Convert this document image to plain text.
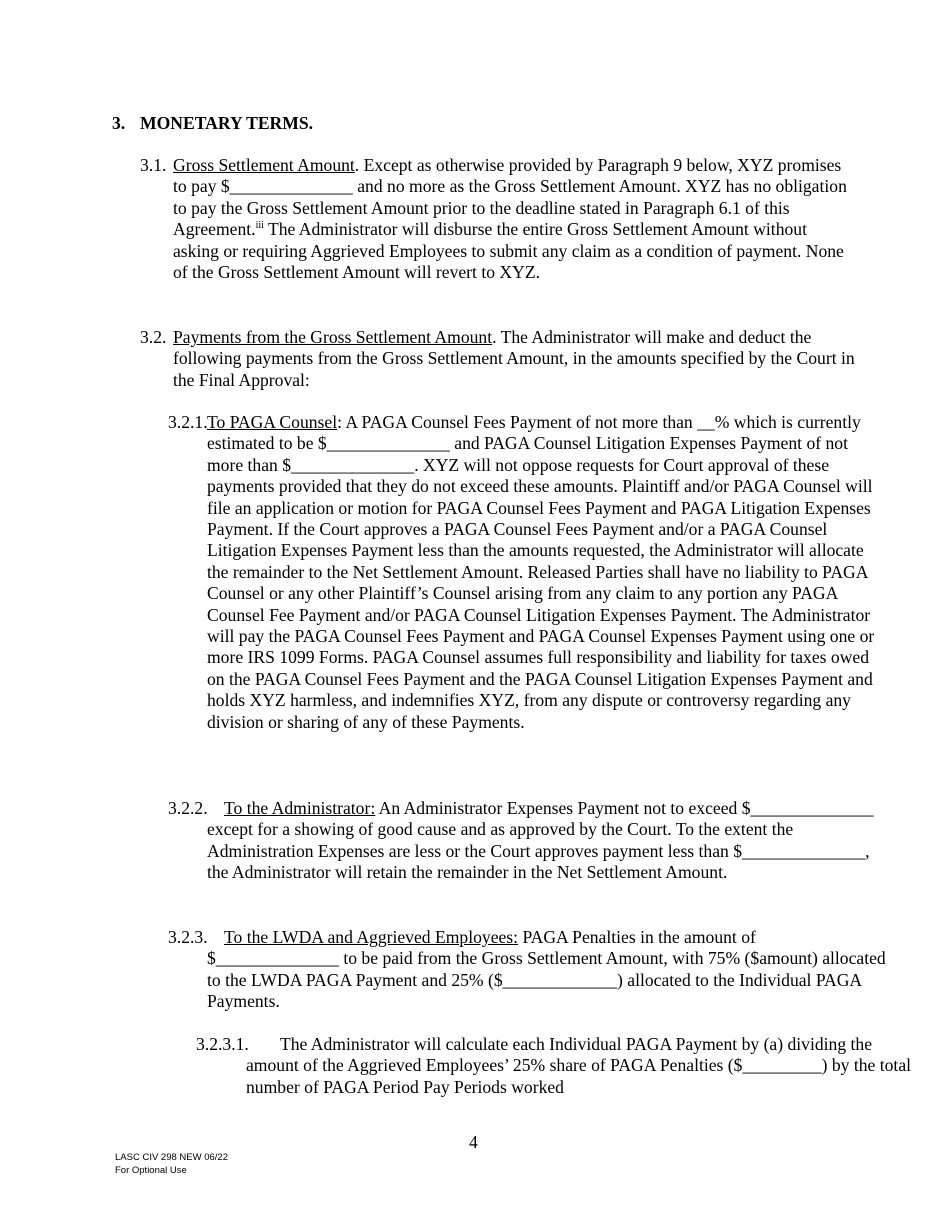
3. MONETARY TERMS.

3.1. Gross Settlement Amount. Except as otherwise provided by Paragraph 9 below, XYZ promises to pay $______________ and no more as the Gross Settlement Amount. XYZ has no obligation to pay the Gross Settlement Amount prior to the deadline stated in Paragraph 6.1 of this Agreement.$^{iii}$ The Administrator will disburse the entire Gross Settlement Amount without asking or requiring Aggrieved Employees to submit any claim as a condition of payment. None of the Gross Settlement Amount will revert to XYZ.

3.2. Payments from the Gross Settlement Amount. The Administrator will make and deduct the following payments from the Gross Settlement Amount, in the amounts specified by the Court in the Final Approval:

3.2.1.To PAGA Counsel: A PAGA Counsel Fees Payment of not more than __% which is currently estimated to be $______________ and PAGA Counsel Litigation Expenses Payment of not more than $______________. XYZ will not oppose requests for Court approval of these payments provided that they do not exceed these amounts. Plaintiff and/or PAGA Counsel will file an application or motion for PAGA Counsel Fees Payment and PAGA Litigation Expenses Payment. If the Court approves a PAGA Counsel Fees Payment and/or a PAGA Counsel Litigation Expenses Payment less than the amounts requested, the Administrator will allocate the remainder to the Net Settlement Amount. Released Parties shall have no liability to PAGA Counsel or any other Plaintiff’s Counsel arising from any claim to any portion any PAGA Counsel Fee Payment and/or PAGA Counsel Litigation Expenses Payment. The Administrator will pay the PAGA Counsel Fees Payment and PAGA Counsel Expenses Payment using one or more IRS 1099 Forms. PAGA Counsel assumes full responsibility and liability for taxes owed on the PAGA Counsel Fees Payment and the PAGA Counsel Litigation Expenses Payment and holds XYZ harmless, and indemnifies XYZ, from any dispute or controversy regarding any division or sharing of any of these Payments.

3.2.2. To the Administrator: An Administrator Expenses Payment not to exceed $______________ except for a showing of good cause and as approved by the Court. To the extent the Administration Expenses are less or the Court approves payment less than $______________, the Administrator will retain the remainder in the Net Settlement Amount.

3.2.3. To the LWDA and Aggrieved Employees: PAGA Penalties in the amount of $______________ to be paid from the Gross Settlement Amount, with 75% ($amount) allocated to the LWDA PAGA Payment and 25% ($_____________) allocated to the Individual PAGA Payments.

3.2.3.1. The Administrator will calculate each Individual PAGA Payment by (a) dividing the amount of the Aggrieved Employees’ 25% share of PAGA Penalties ($_________) by the total number of PAGA Period Pay Periods worked

4
LASC CIV 298 NEW 06/22
For Optional Use
